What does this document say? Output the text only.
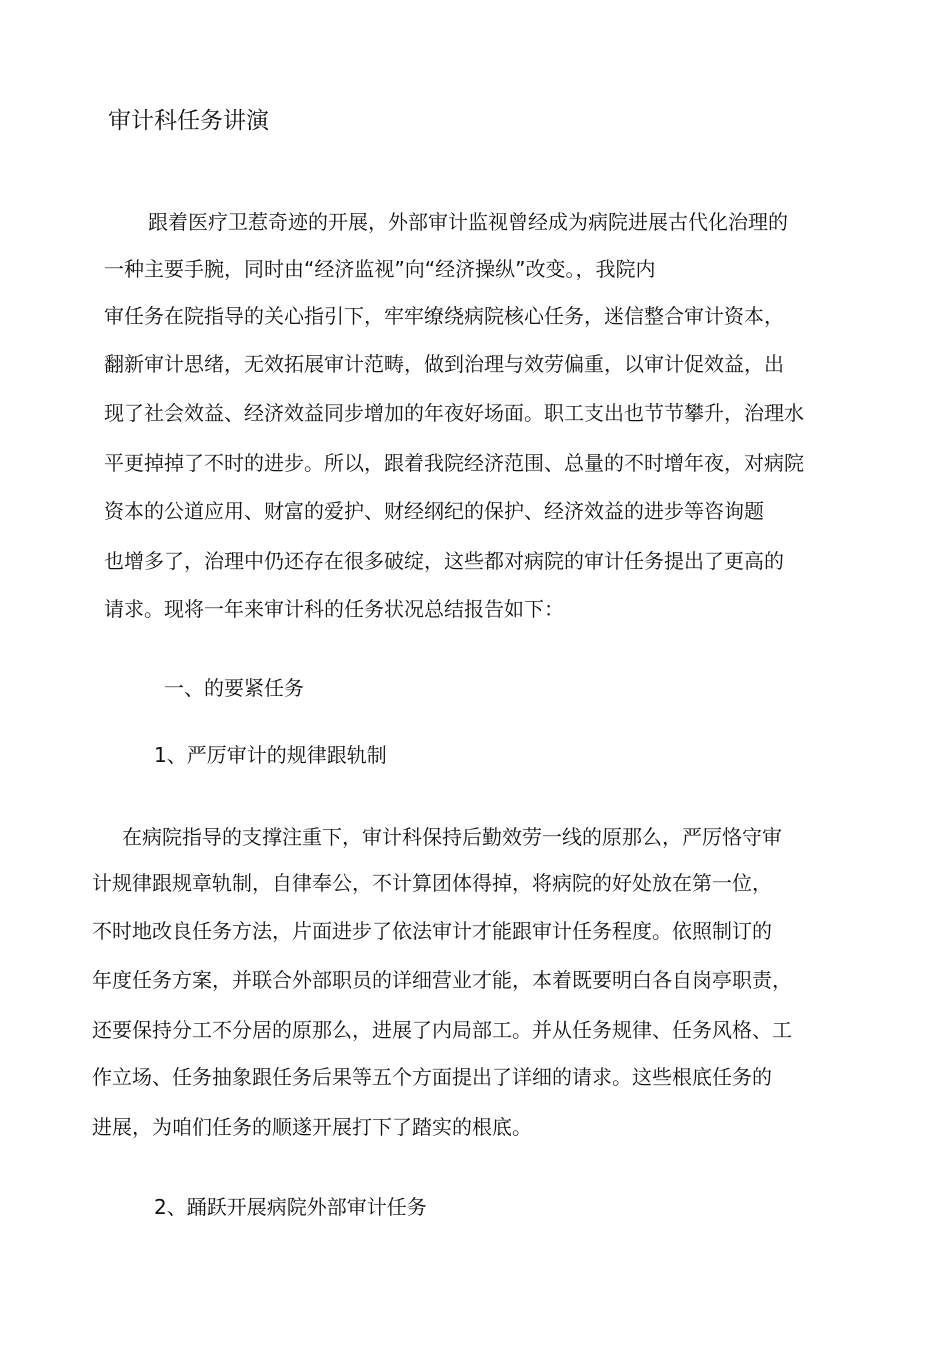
审计科任务讲演
跟着医疗卫惹奇迹的开展，外部审计监视曾经成为病院进展古代化治理的
一种主要手腕，同时由“经济监视”向“经济操纵”改变。，我院内
审任务在院指导的关心指引下，牢牢缭绕病院核心任务，迷信整合审计资本，
翻新审计思绪，无效拓展审计范畴，做到治理与效劳偏重，以审计促效益，出
现了社会效益、经济效益同步增加的年夜好场面。职工支出也节节攀升，治理水
平更掉掉了不时的进步。所以，跟着我院经济范围、总量的不时增年夜，对病院
资本的公道应用、财富的爱护、财经纲纪的保护、经济效益的进步等咨询题
也增多了，治理中仍还存在很多破绽，这些都对病院的审计任务提出了更高的
请求。现将一年来审计科的任务状况总结报告如下：
一、的要紧任务
1、严厉审计的规律跟轨制
在病院指导的支撑注重下，审计科保持后勤效劳一线的原那么，严厉恪守审
计规律跟规章轨制，自律奉公，不计算团体得掉，将病院的好处放在第一位，
不时地改良任务方法，片面进步了依法审计才能跟审计任务程度。依照制订的
年度任务方案，并联合外部职员的详细营业才能，本着既要明白各自岗亭职责，
还要保持分工不分居的原那么，进展了内局部工。并从任务规律、任务风格、工
作立场、任务抽象跟任务后果等五个方面提出了详细的请求。这些根底任务的
进展，为咱们任务的顺遂开展打下了踏实的根底。
2、踊跃开展病院外部审计任务
